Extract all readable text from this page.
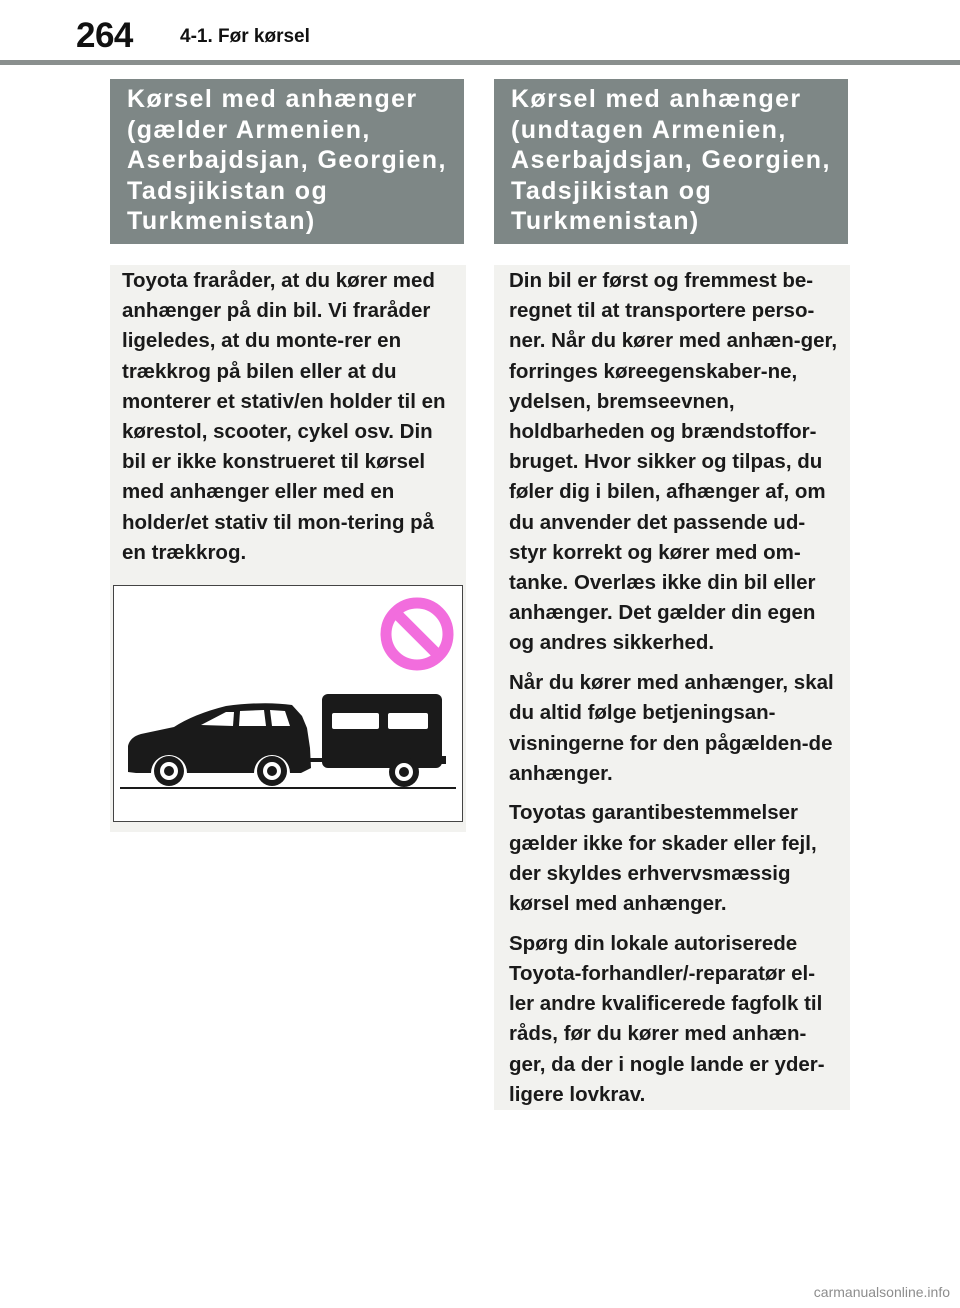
264 4-1. Før kørsel
Kørsel med anhænger (gælder Armenien, Aserbajdsjan, Georgien, Tadsjikistan og Turkmenistan)
Kørsel med anhænger (undtagen Armenien, Aserbajdsjan, Georgien, Tadsjikistan og Turkmenistan)

Toyota fraråder, at du kører med anhænger på din bil. Vi fraråder ligeledes, at du monte-rer en trækkrog på bilen eller at du monterer et stativ/en holder til en kørestol, scooter, cykel osv. Din bil er ikke konstrueret til kørsel med anhænger eller med en holder/et stativ til mon-tering på en trækkrog.

Din bil er først og fremmest be-regnet til at transportere perso-ner. Når du kører med anhæn-ger, forringes køreegenskaber-ne, ydelsen, bremseevnen, holdbarheden og brændstoffor-bruget. Hvor sikker og tilpas, du føler dig i bilen, afhænger af, om du anvender det passende ud-styr korrekt og kører med om-tanke. Overlæs ikke din bil eller anhænger. Det gælder din egen og andres sikkerhed.

Når du kører med anhænger, skal du altid følge betjeningsan-visningerne for den pågælden-de anhænger.

Toyotas garantibestemmelser gælder ikke for skader eller fejl, der skyldes erhvervsmæssig kørsel med anhænger.

Spørg din lokale autoriserede Toyota-forhandler/-reparatør el-ler andre kvalificerede fagfolk til råds, før du kører med anhæn-ger, da der i nogle lande er yder-ligere lovkrav.

carmanualsonline.info
